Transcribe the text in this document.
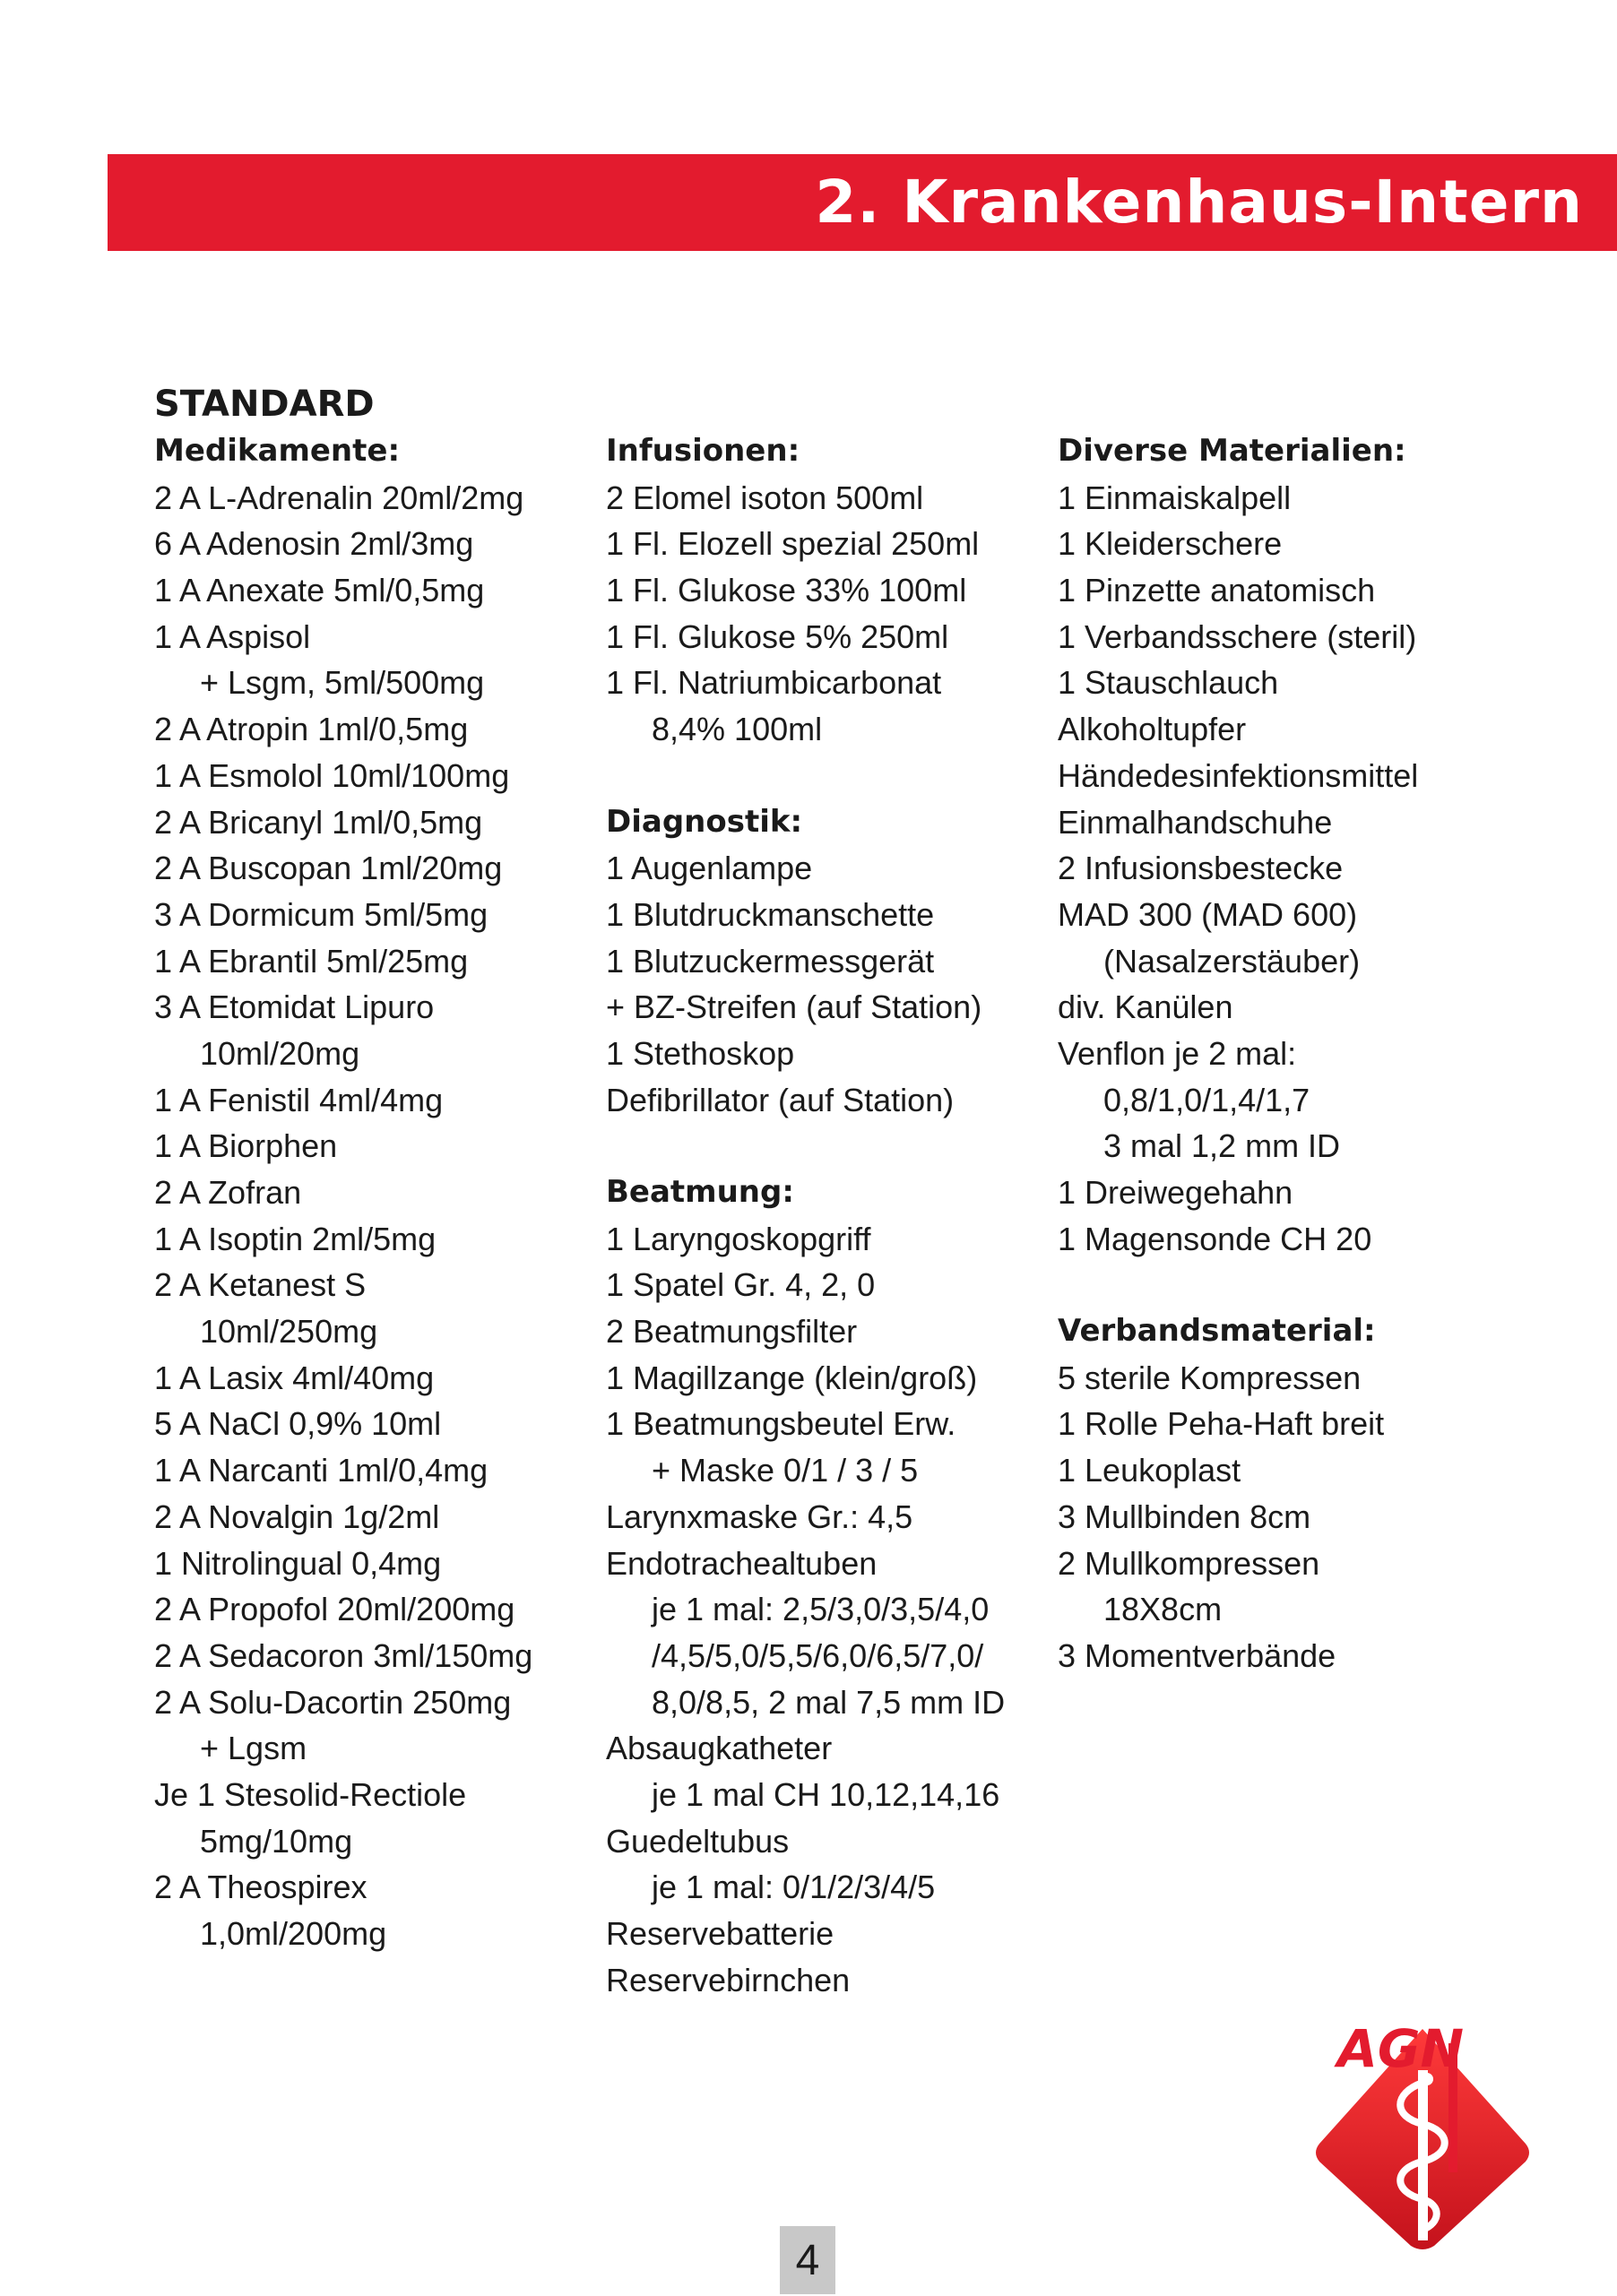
2. Krankenhaus-Intern
STANDARD
Medikamente:
2 A L-Adrenalin 20ml/2mg
6 A Adenosin 2ml/3mg
1 A Anexate 5ml/0,5mg
1 A Aspisol
+ Lsgm, 5ml/500mg
2 A Atropin 1ml/0,5mg
1 A Esmolol 10ml/100mg
2 A Bricanyl 1ml/0,5mg
2 A Buscopan 1ml/20mg
3 A Dormicum 5ml/5mg
1 A Ebrantil 5ml/25mg
3 A Etomidat Lipuro
10ml/20mg
1 A Fenistil 4ml/4mg
1 A Biorphen
2 A Zofran
1 A Isoptin 2ml/5mg
2 A Ketanest S
10ml/250mg
1 A Lasix 4ml/40mg
5 A NaCl 0,9% 10ml
1 A Narcanti 1ml/0,4mg
2 A Novalgin 1g/2ml
1 Nitrolingual 0,4mg
2 A Propofol 20ml/200mg
2 A Sedacoron 3ml/150mg
2 A Solu-Dacortin 250mg
+ Lgsm
Je 1 Stesolid-Rectiole
5mg/10mg
2 A Theospirex
1,0ml/200mg
Infusionen:
2 Elomel isoton 500ml
1 Fl. Elozell spezial 250ml
1 Fl. Glukose 33% 100ml
1 Fl. Glukose 5% 250ml
1 Fl. Natriumbicarbonat
8,4% 100ml
Diagnostik:
1 Augenlampe
1 Blutdruckmanschette
1 Blutzuckermessgerät
+ BZ-Streifen (auf Station)
1 Stethoskop
Defibrillator (auf Station)
Beatmung:
1 Laryngoskopgriff
1 Spatel Gr. 4, 2, 0
2 Beatmungsfilter
1 Magillzange (klein/groß)
1 Beatmungsbeutel Erw.
+ Maske 0/1 / 3 / 5
Larynxmaske Gr.: 4,5
Endotrachealtuben
je 1 mal: 2,5/3,0/3,5/4,0
/4,5/5,0/5,5/6,0/6,5/7,0/
8,0/8,5, 2 mal 7,5 mm ID
Absaugkatheter
je 1 mal CH 10,12,14,16
Guedeltubus
je 1 mal: 0/1/2/3/4/5
Reservebatterie
Reservebirnchen
Diverse Materialien:
1 Einmaiskalpell
1 Kleiderschere
1 Pinzette anatomisch
1 Verbandsschere (steril)
1 Stauschlauch
Alkoholtupfer
Händedesinfektionsmittel
Einmalhandschuhe
2 Infusionsbestecke
MAD 300 (MAD 600)
(Nasalzerstäuber)
div. Kanülen
Venflon je 2 mal:
0,8/1,0/1,4/1,7
3 mal 1,2 mm ID
1 Dreiwegehahn
1 Magensonde CH 20
Verbandsmaterial:
5 sterile Kompressen
1 Rolle Peha-Haft breit
1 Leukoplast
3 Mullbinden 8cm
2 Mullkompressen
18X8cm
3 Momentverbände
AGN
4
